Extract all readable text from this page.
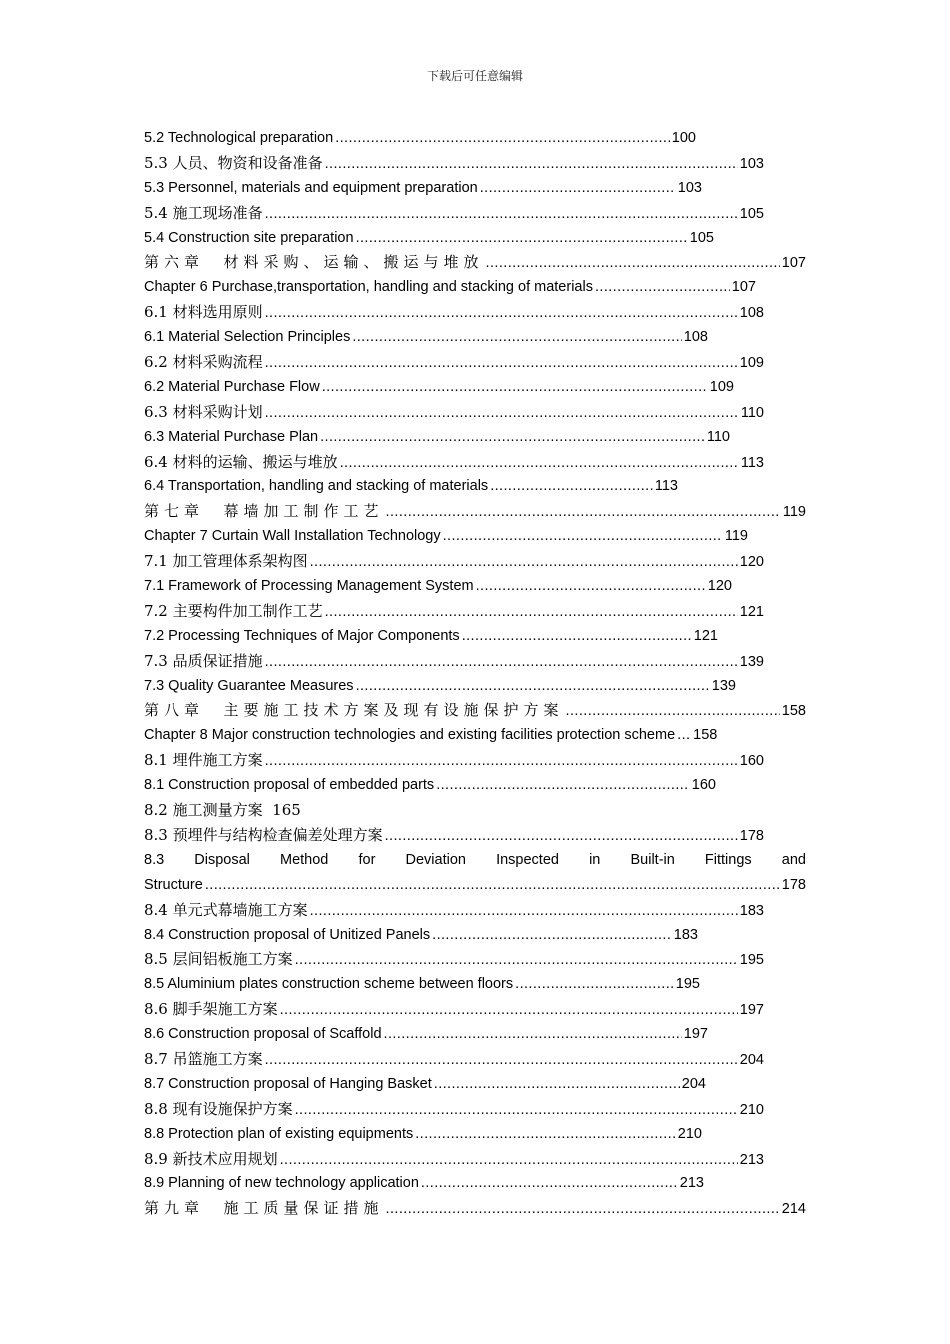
下载后可任意编辑
5.2 Technological preparation .....	100
5.3 人员、物资和设备准备 .....	103
5.3 Personnel, materials and equipment preparation .....	103
5.4 施工现场准备 .....	105
5.4 Construction site preparation .....	105
第六章  材料采购、运输、搬运与堆放 .....	107
Chapter 6 Purchase,transportation, handling and stacking of materials .....	107
6.1 材料选用原则 .....	108
6.1 Material Selection Principles .....	108
6.2 材料采购流程 .....	109
6.2 Material Purchase Flow .....	109
6.3 材料采购计划 .....	110
6.3 Material Purchase Plan .....	110
6.4 材料的运输、搬运与堆放 .....	113
6.4 Transportation, handling and stacking of materials .....	113
第七章  幕墙加工制作工艺 .....	119
Chapter 7 Curtain Wall Installation Technology .....	119
7.1 加工管理体系架构图 .....	120
7.1 Framework of Processing Management System .....	120
7.2 主要构件加工制作工艺 .....	121
7.2 Processing Techniques of Major Components .....	121
7.3 品质保证措施 .....	139
7.3 Quality Guarantee Measures .....	139
第八章  主要施工技术方案及现有设施保护方案 .....	158
Chapter 8 Major construction technologies and existing facilities protection scheme ..... 158
8.1 埋件施工方案 .....	160
8.1 Construction proposal of embedded parts .....	160
8.2 施工测量方案  165
8.3 预埋件与结构检查偏差处理方案 .....	178
8.3 Disposal Method for Deviation Inspected in Built-in Fittings and
Structure .....	178
8.4 单元式幕墙施工方案 .....	183
8.4 Construction proposal of Unitized Panels .....	183
8.5 层间铝板施工方案 .....	195
8.5 Aluminium plates construction scheme between floors .....	195
8.6 脚手架施工方案 .....	197
8.6 Construction proposal of Scaffold .....	197
8.7 吊篮施工方案 .....	204
8.7 Construction proposal of Hanging Basket .....	204
8.8 现有设施保护方案 .....	210
8.8 Protection plan of existing equipments .....	210
8.9 新技术应用规划 .....	213
8.9 Planning of new technology application .....	213
第九章  施工质量保证措施 .....	214
